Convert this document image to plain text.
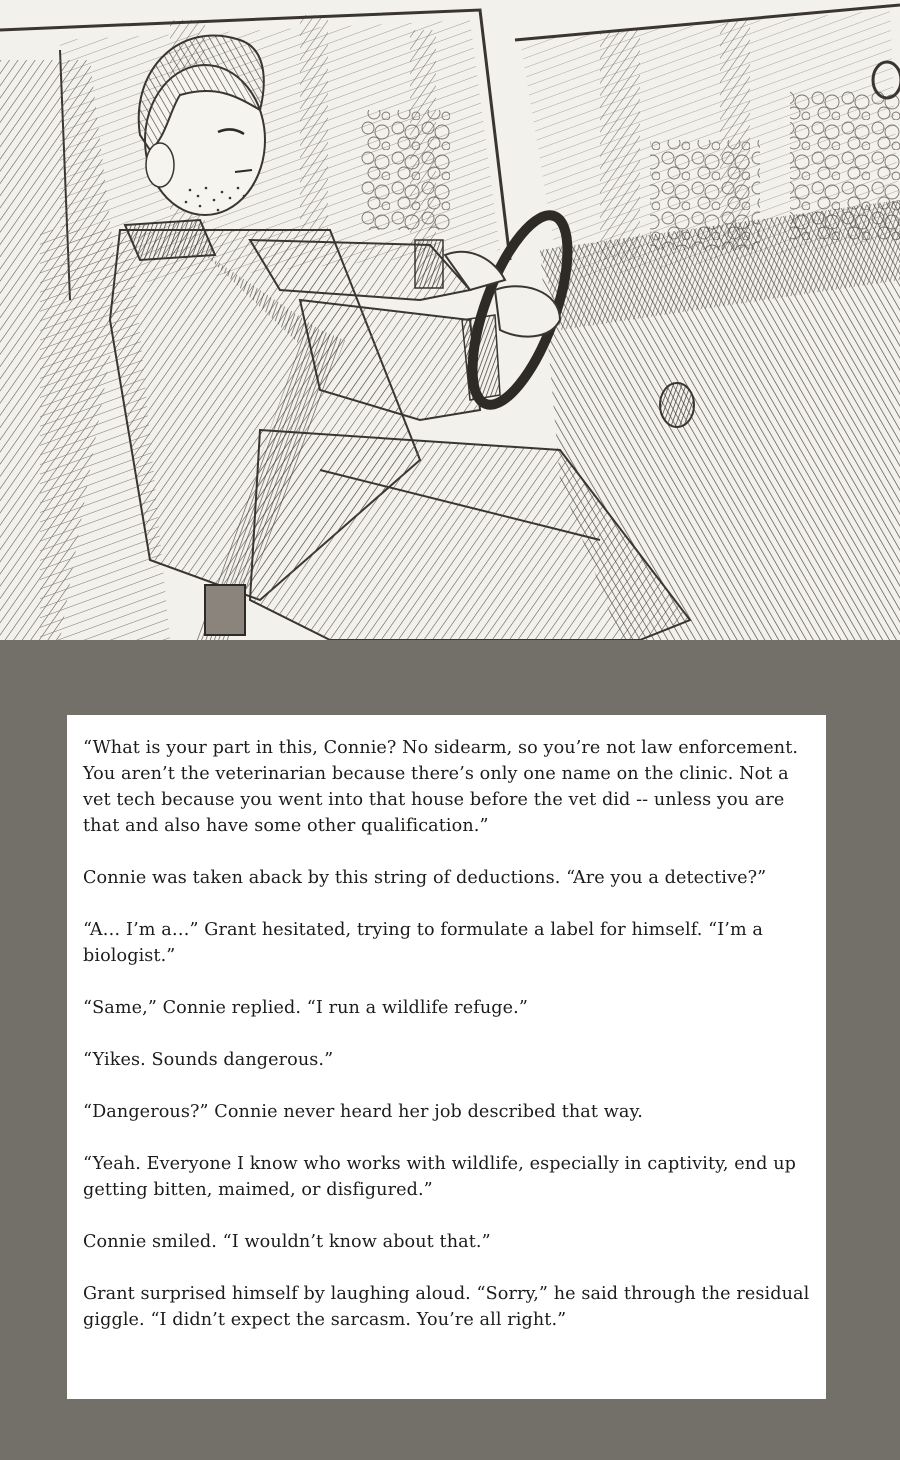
“What is your part in this, Connie? No sidearm, so you’re not law enforcement. You aren’t the veterinarian because there’s only one name on the clinic. Not a vet tech because you went into that house before the vet did -- unless you are that and also have some other qualification.”

Connie was taken aback by this string of deductions. “Are you a detective?”

“A… I’m a…” Grant hesitated, trying to formulate a label for himself. “I’m a biologist.”

“Same,” Connie replied. “I run a wildlife refuge.”

“Yikes. Sounds dangerous.”

“Dangerous?” Connie never heard her job described that way.

“Yeah. Everyone I know who works with wildlife, especially in captivity, end up getting bitten, maimed, or disfigured.”

Connie smiled. “I wouldn’t know about that.”

Grant surprised himself by laughing aloud. “Sorry,” he said through the residual giggle. “I didn’t expect the sarcasm. You’re all right.”
